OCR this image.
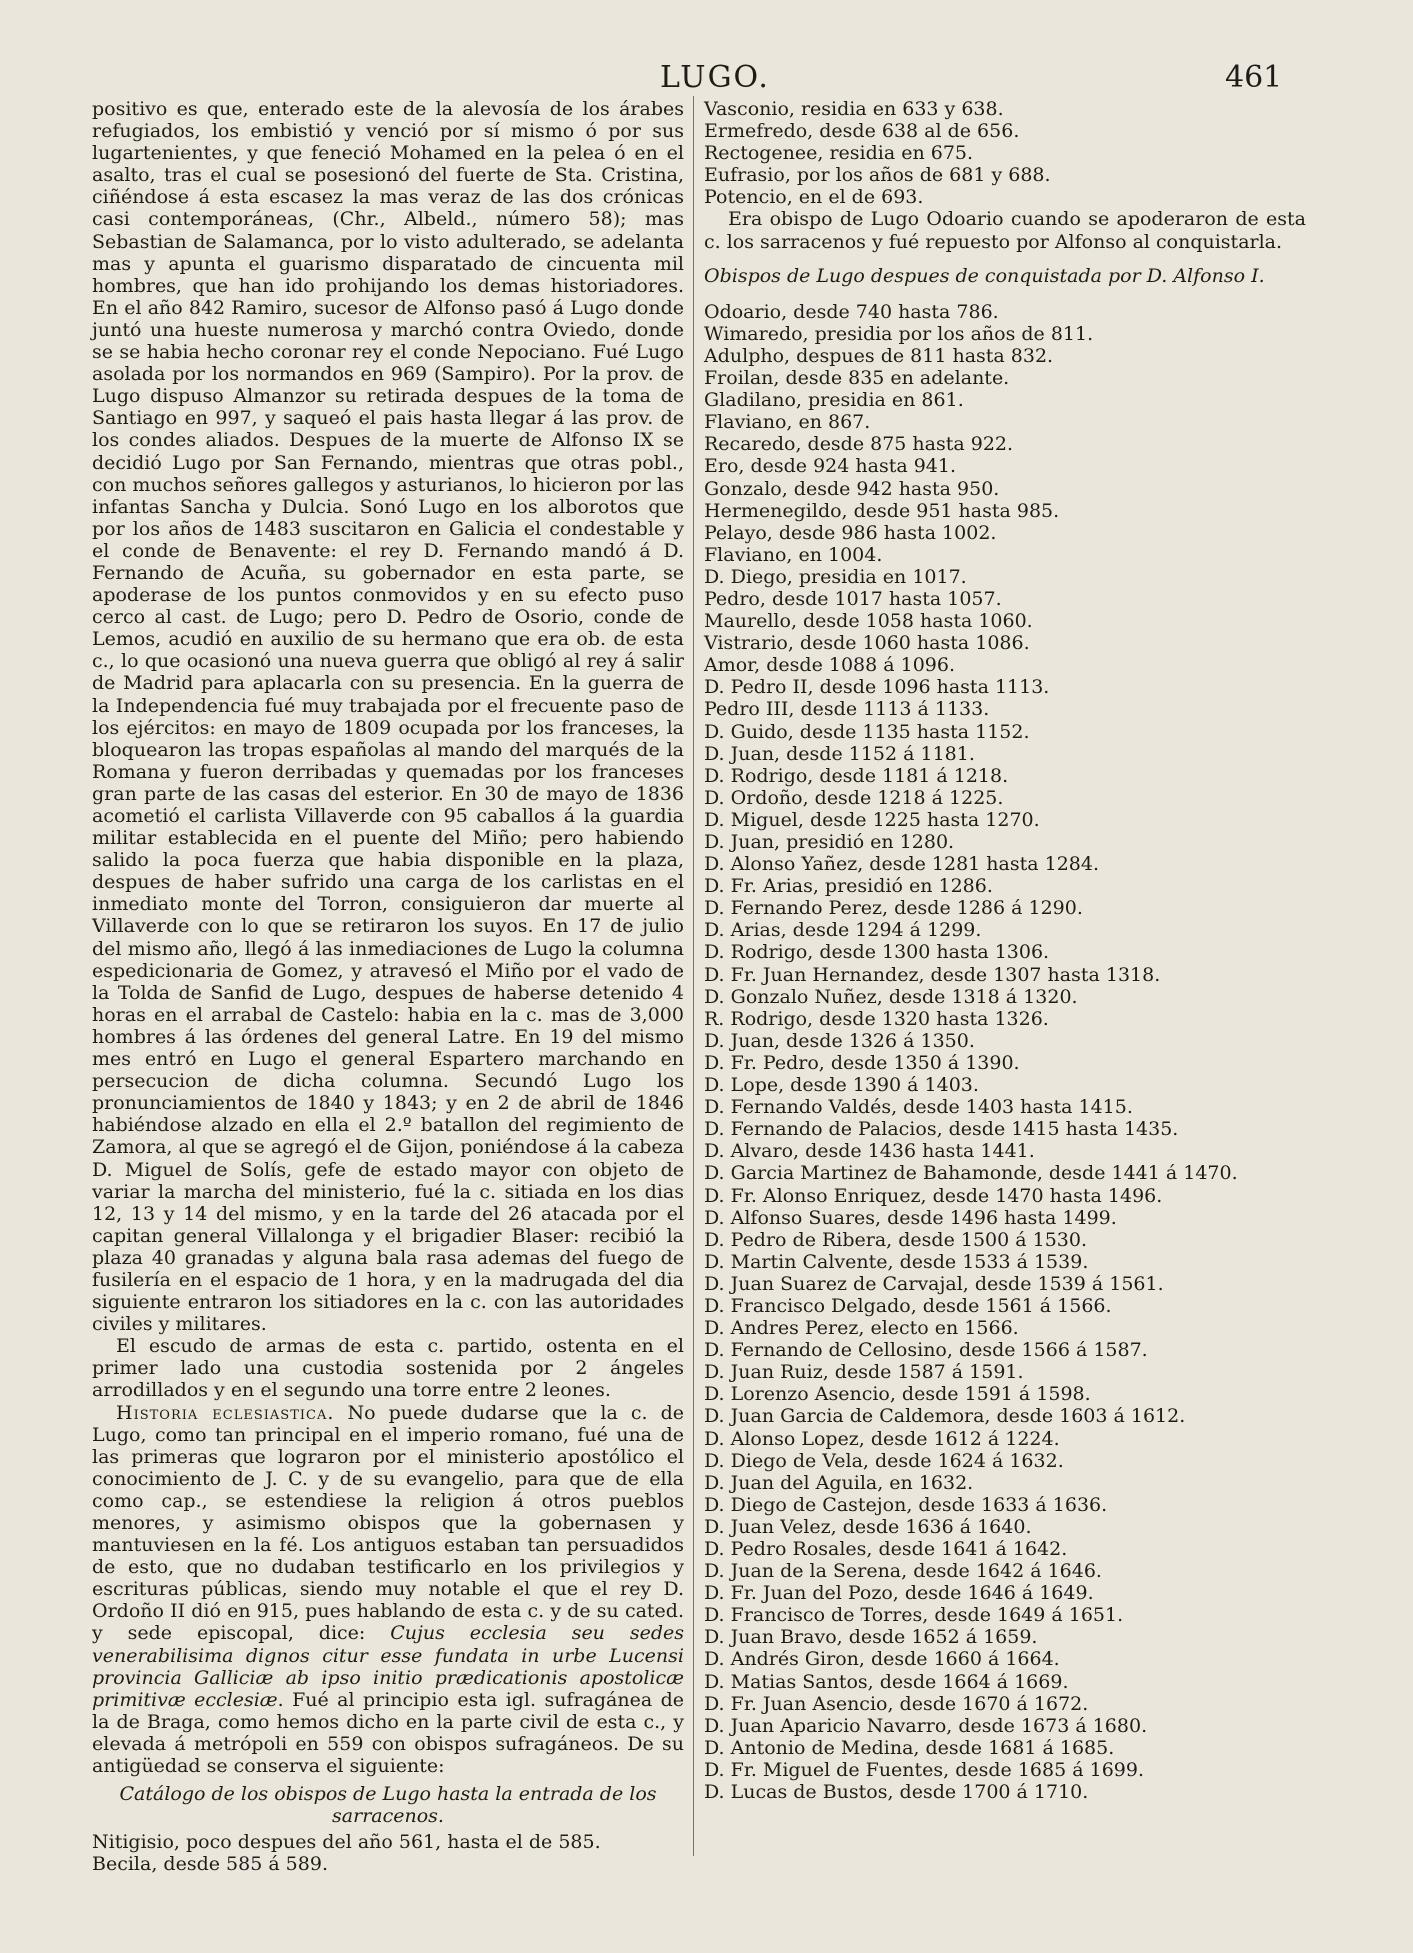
LUGO.	461

positivo es que, enterado este de la alevosía de los árabes refugiados, los embistió y venció por sí mismo ó por sus lugartenientes, y que feneció Mohamed en la pelea ó en el asalto, tras el cual se posesionó del fuerte de Sta. Cristina, ciñéndose á esta escasez la mas veraz de las dos crónicas casi contemporáneas, (Chr., Albeld., número 58); mas Sebastian de Salamanca, por lo visto adulterado, se adelanta mas y apunta el guarismo disparatado de cincuenta mil hombres, que han ido prohijando los demas historiadores. En el año 842 Ramiro, sucesor de Alfonso pasó á Lugo donde juntó una hueste numerosa y marchó contra Oviedo, donde se se habia hecho coronar rey el conde Nepociano. Fué Lugo asolada por los normandos en 969 (Sampiro). Por la prov. de Lugo dispuso Almanzor su retirada despues de la toma de Santiago en 997, y saqueó el pais hasta llegar á las prov. de los condes aliados. Despues de la muerte de Alfonso IX se decidió Lugo por San Fernando, mientras que otras pobl., con muchos señores gallegos y asturianos, lo hicieron por las infantas Sancha y Dulcia. Sonó Lugo en los alborotos que por los años de 1483 suscitaron en Galicia el condestable y el conde de Benavente: el rey D. Fernando mandó á D. Fernando de Acuña, su gobernador en esta parte, se apoderase de los puntos conmovidos y en su efecto puso cerco al cast. de Lugo; pero D. Pedro de Osorio, conde de Lemos, acudió en auxilio de su hermano que era ob. de esta c., lo que ocasionó una nueva guerra que obligó al rey á salir de Madrid para aplacarla con su presencia. En la guerra de la Independencia fué muy trabajada por el frecuente paso de los ejércitos: en mayo de 1809 ocupada por los franceses, la bloquearon las tropas españolas al mando del marqués de la Romana y fueron derribadas y quemadas por los franceses gran parte de las casas del esterior. En 30 de mayo de 1836 acometió el carlista Villaverde con 95 caballos á la guardia militar establecida en el puente del Miño; pero habiendo salido la poca fuerza que habia disponible en la plaza, despues de haber sufrido una carga de los carlistas en el inmediato monte del Torron, consiguieron dar muerte al Villaverde con lo que se retiraron los suyos. En 17 de julio del mismo año, llegó á las inmediaciones de Lugo la columna espedicionaria de Gomez, y atravesó el Miño por el vado de la Tolda de Sanfid de Lugo, despues de haberse detenido 4 horas en el arrabal de Castelo: habia en la c. mas de 3,000 hombres á las órdenes del general Latre. En 19 del mismo mes entró en Lugo el general Espartero marchando en persecucion de dicha columna. Secundó Lugo los pronunciamientos de 1840 y 1843; y en 2 de abril de 1846 habiéndose alzado en ella el 2.º batallon del regimiento de Zamora, al que se agregó el de Gijon, poniéndose á la cabeza D. Miguel de Solís, gefe de estado mayor con objeto de variar la marcha del ministerio, fué la c. sitiada en los dias 12, 13 y 14 del mismo, y en la tarde del 26 atacada por el capitan general Villalonga y el brigadier Blaser: recibió la plaza 40 granadas y alguna bala rasa ademas del fuego de fusilería en el espacio de 1 hora, y en la madrugada del dia siguiente entraron los sitiadores en la c. con las autoridades civiles y militares.

El escudo de armas de esta c. partido, ostenta en el primer lado una custodia sostenida por 2 ángeles arrodillados y en el segundo una torre entre 2 leones.

Historia eclesiastica. No puede dudarse que la c. de Lugo, como tan principal en el imperio romano, fué una de las primeras que lograron por el ministerio apostólico el conocimiento de J. C. y de su evangelio, para que de ella como cap., se estendiese la religion á otros pueblos menores, y asimismo obispos que la gobernasen y mantuviesen en la fé. Los antiguos estaban tan persuadidos de esto, que no dudaban testificarlo en los privilegios y escrituras públicas, siendo muy notable el que el rey D. Ordoño II dió en 915, pues hablando de esta c. y de su cated. y sede episcopal, dice: Cujus ecclesia seu sedes venerabilisima dignos citur esse fundata in urbe Lucensi provincia Galliciæ ab ipso initio prædicationis apostolicæ primitivæ ecclesiæ. Fué al principio esta igl. sufragánea de la de Braga, como hemos dicho en la parte civil de esta c., y elevada á metrópoli en 559 con obispos sufragáneos. De su antigüedad se conserva el siguiente:

Catálogo de los obispos de Lugo hasta la entrada de los sarracenos.
Nitigisio, poco despues del año 561, hasta el de 585.
Becila, desde 585 á 589.
Vasconio, residia en 633 y 638.
Ermefredo, desde 638 al de 656.
Rectogenee, residia en 675.
Eufrasio, por los años de 681 y 688.
Potencio, en el de 693.

Era obispo de Lugo Odoario cuando se apoderaron de esta c. los sarracenos y fué repuesto por Alfonso al conquistarla.

Obispos de Lugo despues de conquistada por D. Alfonso I.
Odoario, desde 740 hasta 786.
Wimaredo, presidia por los años de 811.
Adulpho, despues de 811 hasta 832.
Froilan, desde 835 en adelante.
Gladilano, presidia en 861.
Flaviano, en 867.
Recaredo, desde 875 hasta 922.
Ero, desde 924 hasta 941.
Gonzalo, desde 942 hasta 950.
Hermenegildo, desde 951 hasta 985.
Pelayo, desde 986 hasta 1002.
Flaviano, en 1004.
D. Diego, presidia en 1017.
Pedro, desde 1017 hasta 1057.
Maurello, desde 1058 hasta 1060.
Vistrario, desde 1060 hasta 1086.
Amor, desde 1088 á 1096.
D. Pedro II, desde 1096 hasta 1113.
Pedro III, desde 1113 á 1133.
D. Guido, desde 1135 hasta 1152.
D. Juan, desde 1152 á 1181.
D. Rodrigo, desde 1181 á 1218.
D. Ordoño, desde 1218 á 1225.
D. Miguel, desde 1225 hasta 1270.
D. Juan, presidió en 1280.
D. Alonso Yañez, desde 1281 hasta 1284.
D. Fr. Arias, presidió en 1286.
D. Fernando Perez, desde 1286 á 1290.
D. Arias, desde 1294 á 1299.
D. Rodrigo, desde 1300 hasta 1306.
D. Fr. Juan Hernandez, desde 1307 hasta 1318.
D. Gonzalo Nuñez, desde 1318 á 1320.
R. Rodrigo, desde 1320 hasta 1326.
D. Juan, desde 1326 á 1350.
D. Fr. Pedro, desde 1350 á 1390.
D. Lope, desde 1390 á 1403.
D. Fernando Valdés, desde 1403 hasta 1415.
D. Fernando de Palacios, desde 1415 hasta 1435.
D. Alvaro, desde 1436 hasta 1441.
D. Garcia Martinez de Bahamonde, desde 1441 á 1470.
D. Fr. Alonso Enriquez, desde 1470 hasta 1496.
D. Alfonso Suares, desde 1496 hasta 1499.
D. Pedro de Ribera, desde 1500 á 1530.
D. Martin Calvente, desde 1533 á 1539.
D. Juan Suarez de Carvajal, desde 1539 á 1561.
D. Francisco Delgado, desde 1561 á 1566.
D. Andres Perez, electo en 1566.
D. Fernando de Cellosino, desde 1566 á 1587.
D. Juan Ruiz, desde 1587 á 1591.
D. Lorenzo Asencio, desde 1591 á 1598.
D. Juan Garcia de Caldemora, desde 1603 á 1612.
D. Alonso Lopez, desde 1612 á 1224.
D. Diego de Vela, desde 1624 á 1632.
D. Juan del Aguila, en 1632.
D. Diego de Castejon, desde 1633 á 1636.
D. Juan Velez, desde 1636 á 1640.
D. Pedro Rosales, desde 1641 á 1642.
D. Juan de la Serena, desde 1642 á 1646.
D. Fr. Juan del Pozo, desde 1646 á 1649.
D. Francisco de Torres, desde 1649 á 1651.
D. Juan Bravo, desde 1652 á 1659.
D. Andrés Giron, desde 1660 á 1664.
D. Matias Santos, desde 1664 á 1669.
D. Fr. Juan Asencio, desde 1670 á 1672.
D. Juan Aparicio Navarro, desde 1673 á 1680.
D. Antonio de Medina, desde 1681 á 1685.
D. Fr. Miguel de Fuentes, desde 1685 á 1699.
D. Lucas de Bustos, desde 1700 á 1710.
